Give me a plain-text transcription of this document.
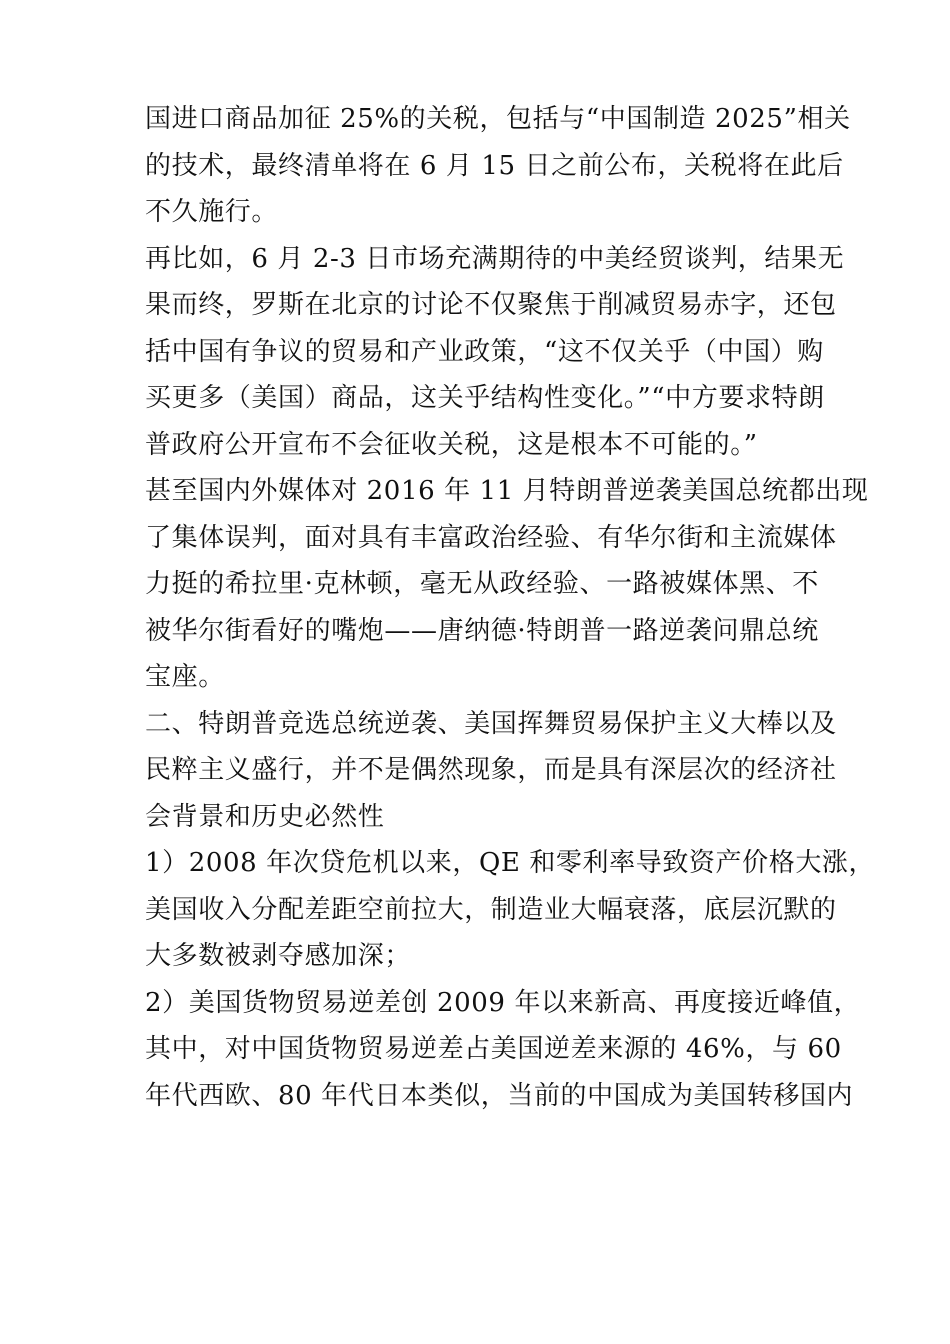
国进口商品加征 25%的关税，包括与“中国制造 2025”相关
的技术，最终清单将在 6 月 15 日之前公布，关税将在此后
不久施行。

再比如，6 月 2-3 日市场充满期待的中美经贸谈判，结果无
果而终，罗斯在北京的讨论不仅聚焦于削减贸易赤字，还包
括中国有争议的贸易和产业政策，“这不仅关乎（中国）购
买更多（美国）商品，这关乎结构性变化。”“中方要求特朗
普政府公开宣布不会征收关税，这是根本不可能的。”

甚至国内外媒体对 2016 年 11 月特朗普逆袭美国总统都出现
了集体误判，面对具有丰富政治经验、有华尔街和主流媒体
力挺的希拉里·克林顿，毫无从政经验、一路被媒体黑、不
被华尔街看好的嘴炮——唐纳德·特朗普一路逆袭问鼎总统
宝座。

二、特朗普竞选总统逆袭、美国挥舞贸易保护主义大棒以及
民粹主义盛行，并不是偶然现象，而是具有深层次的经济社
会背景和历史必然性

1）2008 年次贷危机以来，QE 和零利率导致资产价格大涨，
美国收入分配差距空前拉大，制造业大幅衰落，底层沉默的
大多数被剥夺感加深；

2）美国货物贸易逆差创 2009 年以来新高、再度接近峰值，
其中，对中国货物贸易逆差占美国逆差来源的 46%，与 60
年代西欧、80 年代日本类似，当前的中国成为美国转移国内
